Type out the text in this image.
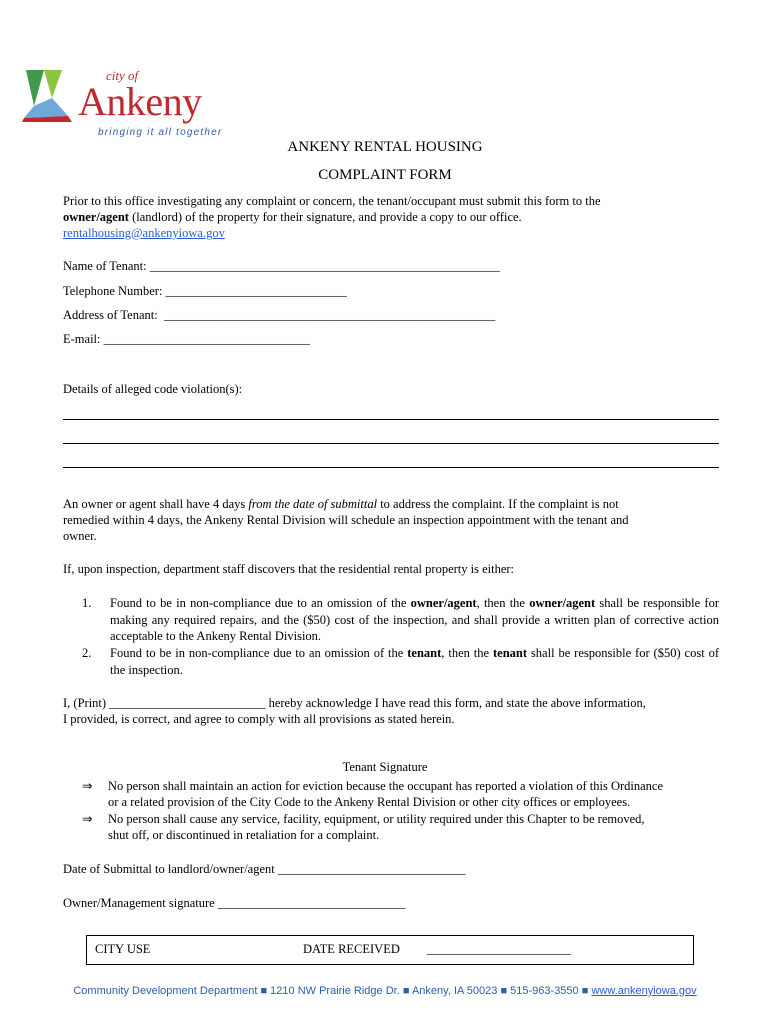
city of
Ankeny
bringing it all together
ANKENY RENTAL HOUSING
COMPLAINT FORM
Prior to this office investigating any complaint or concern, the tenant/occupant must submit this form to the
owner/agent (landlord) of the property for their signature, and provide a copy to our office.
rentalhousing@ankenyiowa.gov
Name of Tenant: ________________________________________________________
Telephone Number: _____________________________
Address of Tenant: _____________________________________________________
E-mail: _________________________________
Details of alleged code violation(s):
An owner or agent shall have 4 days from the date of submittal to address the complaint. If the complaint is not
remedied within 4 days, the Ankeny Rental Division will schedule an inspection appointment with the tenant and
owner.
If, upon inspection, department staff discovers that the residential rental property is either:
1. Found to be in non-compliance due to an omission of the owner/agent, then the owner/agent shall be responsible for making any required repairs, and the ($50) cost of the inspection, and shall provide a written plan of corrective action acceptable to the Ankeny Rental Division.
2. Found to be in non-compliance due to an omission of the tenant, then the tenant shall be responsible for ($50) cost of the inspection.
I, (Print) _________________________ hereby acknowledge I have read this form, and state the above information,
I provided, is correct, and agree to comply with all provisions as stated herein.
Tenant Signature
⇒ No person shall maintain an action for eviction because the occupant has reported a violation of this Ordinance
or a related provision of the City Code to the Ankeny Rental Division or other city offices or employees.
⇒ No person shall cause any service, facility, equipment, or utility required under this Chapter to be removed,
shut off, or discontinued in retaliation for a complaint.
Date of Submittal to landlord/owner/agent ______________________________
Owner/Management signature ______________________________
CITY USE	DATE RECEIVED _______________________
Community Development Department ■ 1210 NW Prairie Ridge Dr. ■ Ankeny, IA 50023 ■ 515-963-3550 ■ www.ankenyiowa.gov
